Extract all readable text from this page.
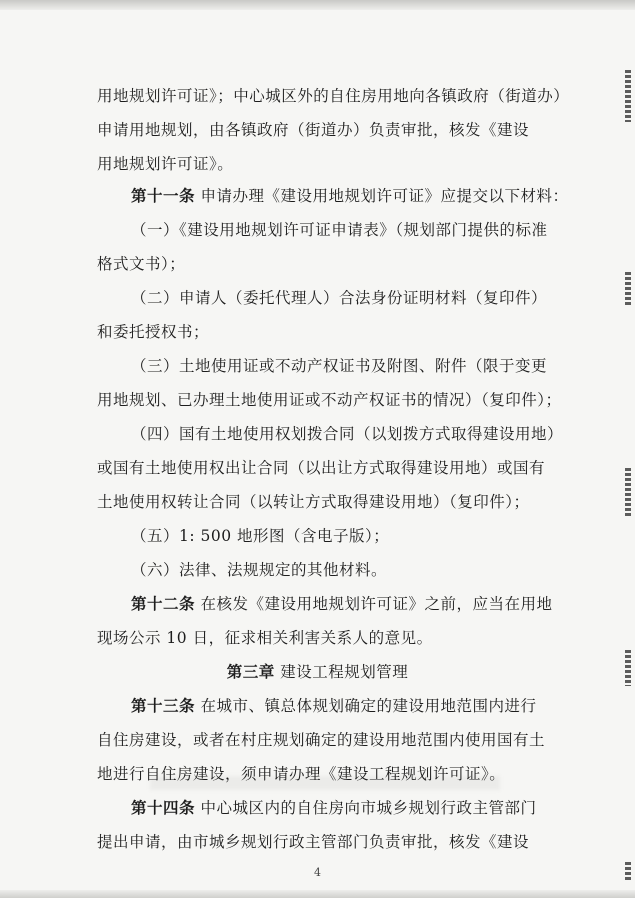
用地规划许可证》；中心城区外的自住房用地向各镇政府（街道办）
申请用地规划，由各镇政府（街道办）负责审批，核发《建设
用地规划许可证》。
第十一条 申请办理《建设用地规划许可证》应提交以下材料：
（一）《建设用地规划许可证申请表》（规划部门提供的标准
格式文书）；
（二）申请人（委托代理人）合法身份证明材料（复印件）
和委托授权书；
（三）土地使用证或不动产权证书及附图、附件（限于变更
用地规划、已办理土地使用证或不动产权证书的情况）（复印件）；
（四）国有土地使用权划拨合同（以划拨方式取得建设用地）
或国有土地使用权出让合同（以出让方式取得建设用地）或国有
土地使用权转让合同（以转让方式取得建设用地）（复印件）；
（五）1: 500 地形图（含电子版）；
（六）法律、法规规定的其他材料。
第十二条 在核发《建设用地规划许可证》之前，应当在用地
现场公示 10 日，征求相关利害关系人的意见。
第三章 建设工程规划管理
第十三条 在城市、镇总体规划确定的建设用地范围内进行
自住房建设，或者在村庄规划确定的建设用地范围内使用国有土
地进行自住房建设，须申请办理《建设工程规划许可证》。
第十四条 中心城区内的自住房向市城乡规划行政主管部门
提出申请，由市城乡规划行政主管部门负责审批，核发《建设
4
